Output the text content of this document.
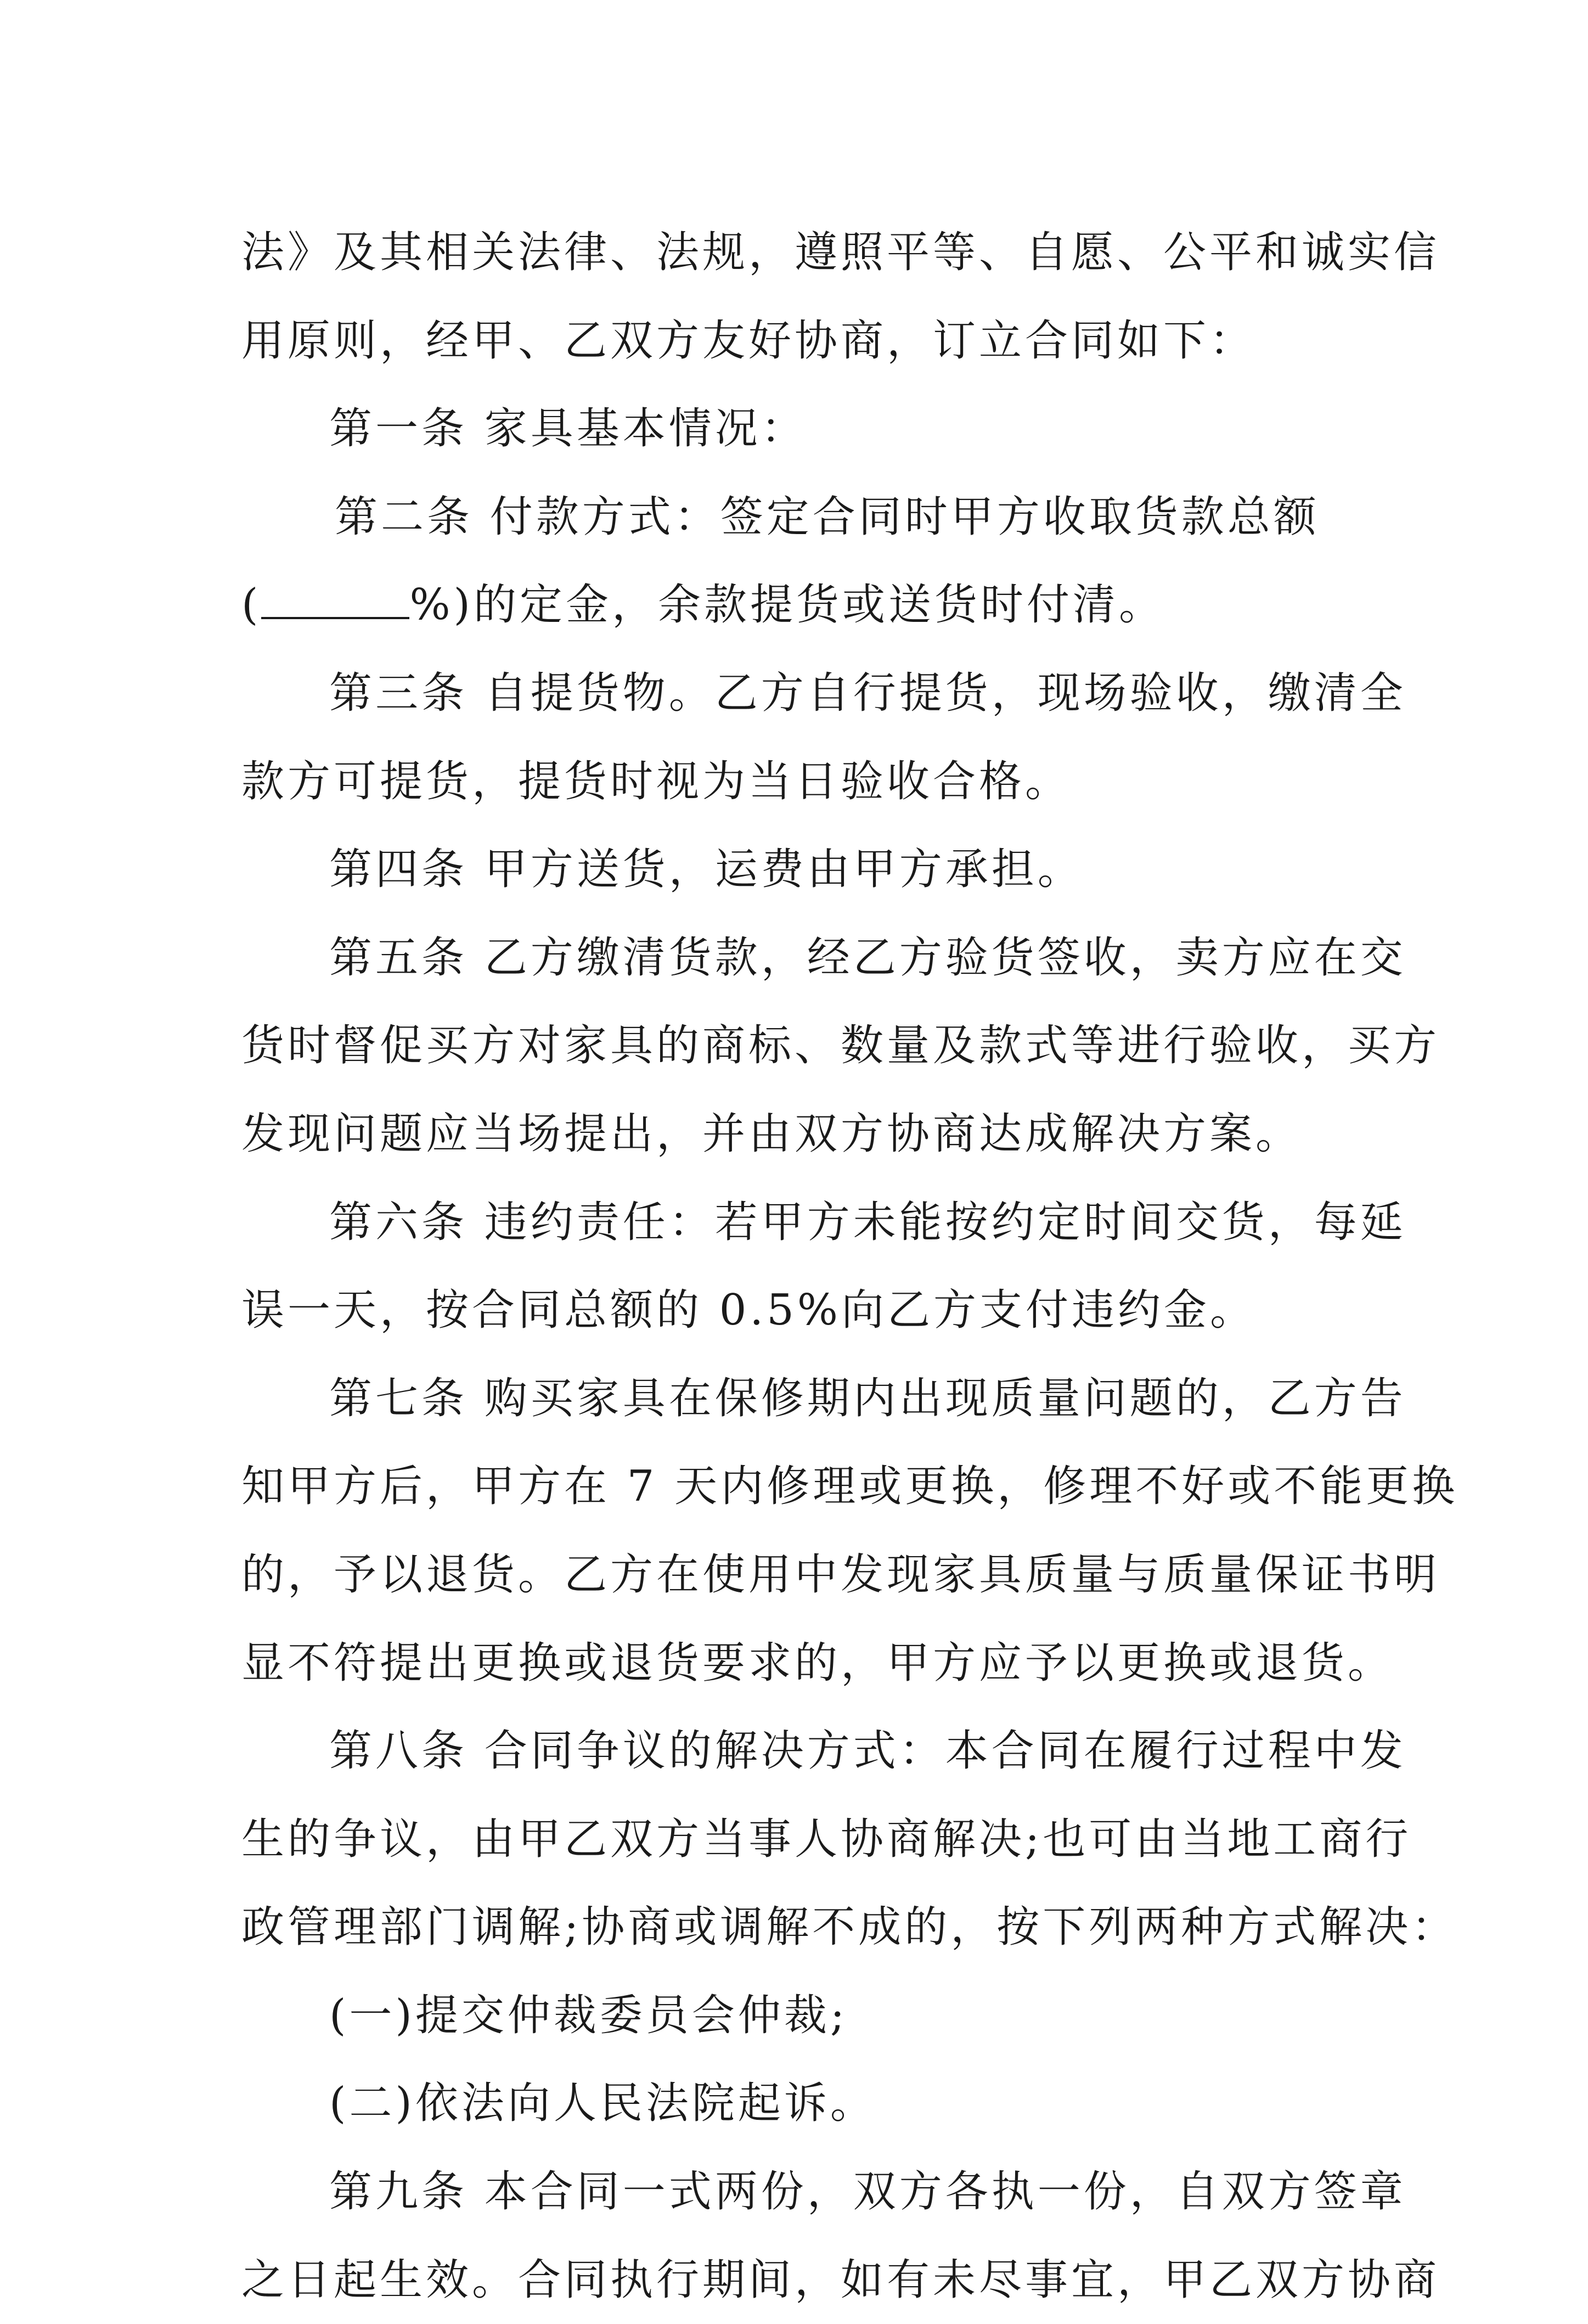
法》及其相关法律、法规，遵照平等、自愿、公平和诚实信
用原则，经甲、乙双方友好协商，订立合同如下：
第一条 家具基本情况：
第二条 付款方式：签定合同时甲方收取货款总额
(	%)的定金，余款提货或送货时付清。
第三条 自提货物。乙方自行提货，现场验收，缴清全
款方可提货，提货时视为当日验收合格。
第四条 甲方送货，运费由甲方承担。
第五条 乙方缴清货款，经乙方验货签收，卖方应在交
货时督促买方对家具的商标、数量及款式等进行验收，买方
发现问题应当场提出，并由双方协商达成解决方案。
第六条 违约责任：若甲方未能按约定时间交货，每延
误一天，按合同总额的 0.5%向乙方支付违约金。
第七条 购买家具在保修期内出现质量问题的，乙方告
知甲方后，甲方在 7 天内修理或更换，修理不好或不能更换
的，予以退货。乙方在使用中发现家具质量与质量保证书明
显不符提出更换或退货要求的，甲方应予以更换或退货。
第八条 合同争议的解决方式：本合同在履行过程中发
生的争议，由甲乙双方当事人协商解决;也可由当地工商行
政管理部门调解;协商或调解不成的，按下列两种方式解决：
(一)提交仲裁委员会仲裁;
(二)依法向人民法院起诉。
第九条 本合同一式两份，双方各执一份，自双方签章
之日起生效。合同执行期间，如有未尽事宜，甲乙双方协商
